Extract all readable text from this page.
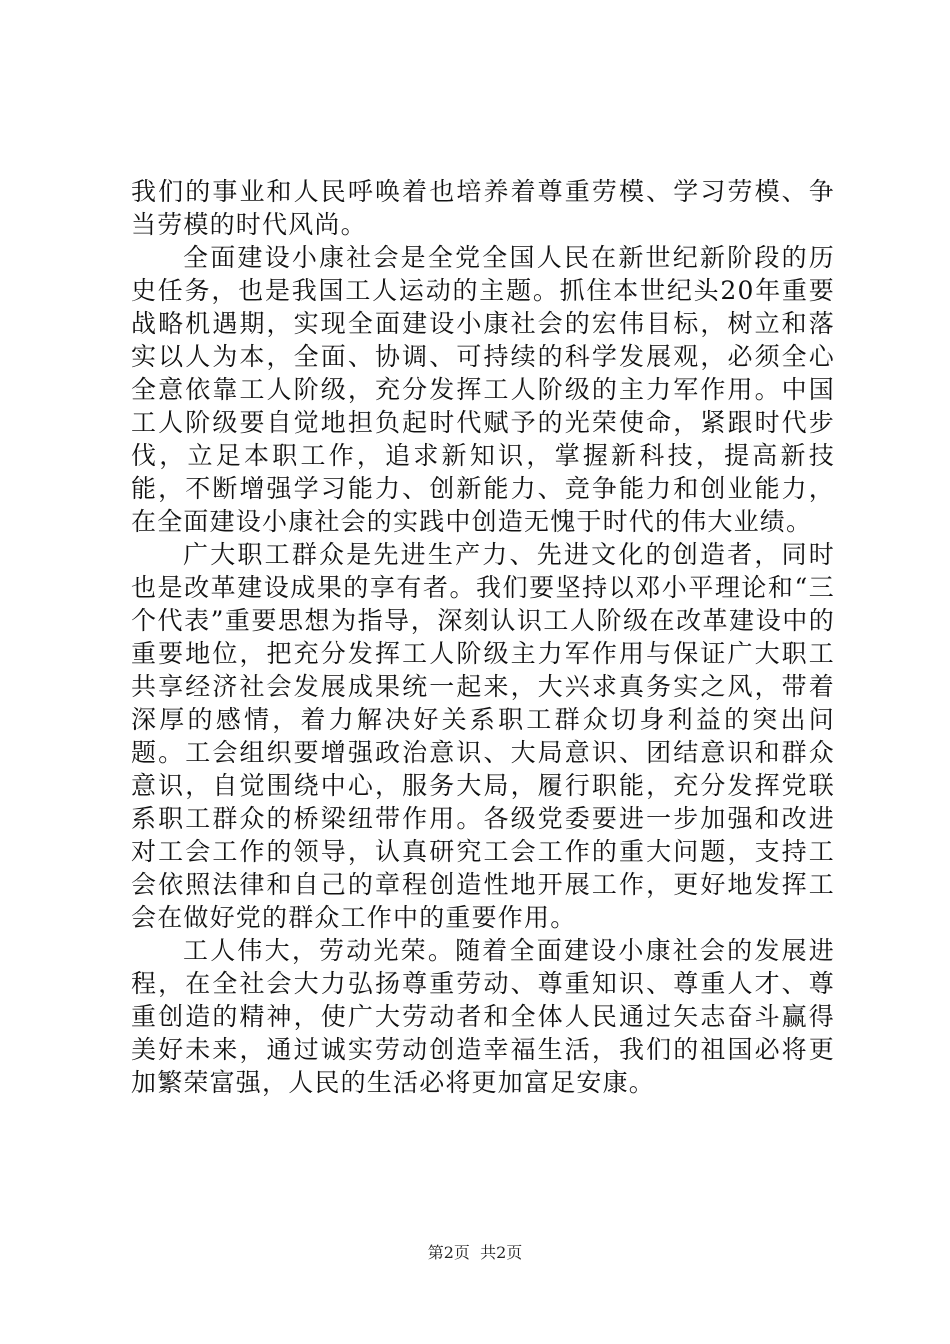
我们的事业和人民呼唤着也培养着尊重劳模、学习劳模、争当劳模的时代风尚。

全面建设小康社会是全党全国人民在新世纪新阶段的历史任务，也是我国工人运动的主题。抓住本世纪头20年重要战略机遇期，实现全面建设小康社会的宏伟目标，树立和落实以人为本，全面、协调、可持续的科学发展观，必须全心全意依靠工人阶级，充分发挥工人阶级的主力军作用。中国工人阶级要自觉地担负起时代赋予的光荣使命，紧跟时代步伐，立足本职工作，追求新知识，掌握新科技，提高新技能，不断增强学习能力、创新能力、竞争能力和创业能力，在全面建设小康社会的实践中创造无愧于时代的伟大业绩。

广大职工群众是先进生产力、先进文化的创造者，同时也是改革建设成果的享有者。我们要坚持以邓小平理论和“三个代表”重要思想为指导，深刻认识工人阶级在改革建设中的重要地位，把充分发挥工人阶级主力军作用与保证广大职工共享经济社会发展成果统一起来，大兴求真务实之风，带着深厚的感情，着力解决好关系职工群众切身利益的突出问题。工会组织要增强政治意识、大局意识、团结意识和群众意识，自觉围绕中心，服务大局，履行职能，充分发挥党联系职工群众的桥梁纽带作用。各级党委要进一步加强和改进对工会工作的领导，认真研究工会工作的重大问题，支持工会依照法律和自己的章程创造性地开展工作，更好地发挥工会在做好党的群众工作中的重要作用。

工人伟大，劳动光荣。随着全面建设小康社会的发展进程，在全社会大力弘扬尊重劳动、尊重知识、尊重人才、尊重创造的精神，使广大劳动者和全体人民通过矢志奋斗赢得美好未来，通过诚实劳动创造幸福生活，我们的祖国必将更加繁荣富强，人民的生活必将更加富足安康。

第2页  共2页
